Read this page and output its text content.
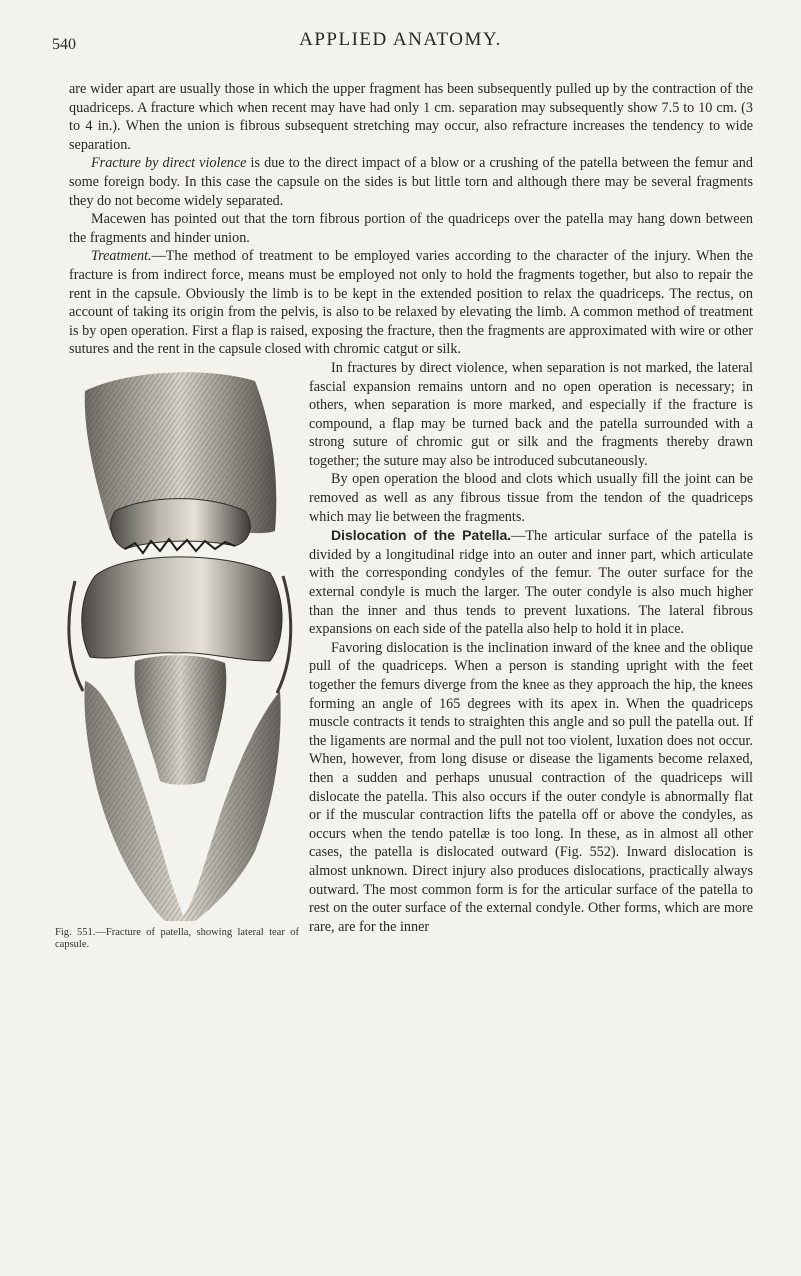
540	APPLIED ANATOMY.

are wider apart are usually those in which the upper fragment has been subsequently pulled up by the contraction of the quadriceps. A fracture which when recent may have had only 1 cm. separation may subsequently show 7.5 to 10 cm. (3 to 4 in.). When the union is fibrous subsequent stretching may occur, also refracture increases the tendency to wide separation.

Fracture by direct violence is due to the direct impact of a blow or a crushing of the patella between the femur and some foreign body. In this case the capsule on the sides is but little torn and although there may be several fragments they do not become widely separated.

Macewen has pointed out that the torn fibrous portion of the quadriceps over the patella may hang down between the fragments and hinder union.

Treatment.—The method of treatment to be employed varies according to the character of the injury. When the fracture is from indirect force, means must be employed not only to hold the fragments together, but also to repair the rent in the capsule. Obviously the limb is to be kept in the extended position to relax the quadriceps. The rectus, on account of taking its origin from the pelvis, is also to be relaxed by elevating the limb. A common method of treatment is by open operation. First a flap is raised, exposing the fracture, then the fragments are approximated with wire or other sutures and the rent in the capsule closed with chromic catgut or silk.

Fig. 551.—Fracture of patella, showing lateral tear of capsule.

In fractures by direct violence, when separation is not marked, the lateral fascial expansion remains untorn and no open operation is necessary; in others, when separation is more marked, and especially if the fracture is compound, a flap may be turned back and the patella surrounded with a strong suture of chromic gut or silk and the fragments thereby drawn together; the suture may also be introduced subcutaneously.

By open operation the blood and clots which usually fill the joint can be removed as well as any fibrous tissue from the tendon of the quadriceps which may lie between the fragments.

Dislocation of the Patella.—The articular surface of the patella is divided by a longitudinal ridge into an outer and inner part, which articulate with the corresponding condyles of the femur. The outer surface for the external condyle is much the larger. The outer condyle is also much higher than the inner and thus tends to prevent luxations. The lateral fibrous expansions on each side of the patella also help to hold it in place.

Favoring dislocation is the inclination inward of the knee and the oblique pull of the quadriceps. When a person is standing upright with the feet together the femurs diverge from the knee as they approach the hip, the knees forming an angle of 165 degrees with its apex in. When the quadriceps muscle contracts it tends to straighten this angle and so pull the patella out. If the ligaments are normal and the pull not too violent, luxation does not occur. When, however, from long disuse or disease the ligaments become relaxed, then a sudden and perhaps unusual contraction of the quadriceps will dislocate the patella. This also occurs if the outer condyle is abnormally flat or if the muscular contraction lifts the patella off or above the condyles, as occurs when the tendo patellæ is too long. In these, as in almost all other cases, the patella is dislocated outward (Fig. 552). Inward dislocation is almost unknown. Direct injury also produces dislocations, practically always outward. The most common form is for the articular surface of the patella to rest on the outer surface of the external condyle. Other forms, which are more rare, are for the inner
